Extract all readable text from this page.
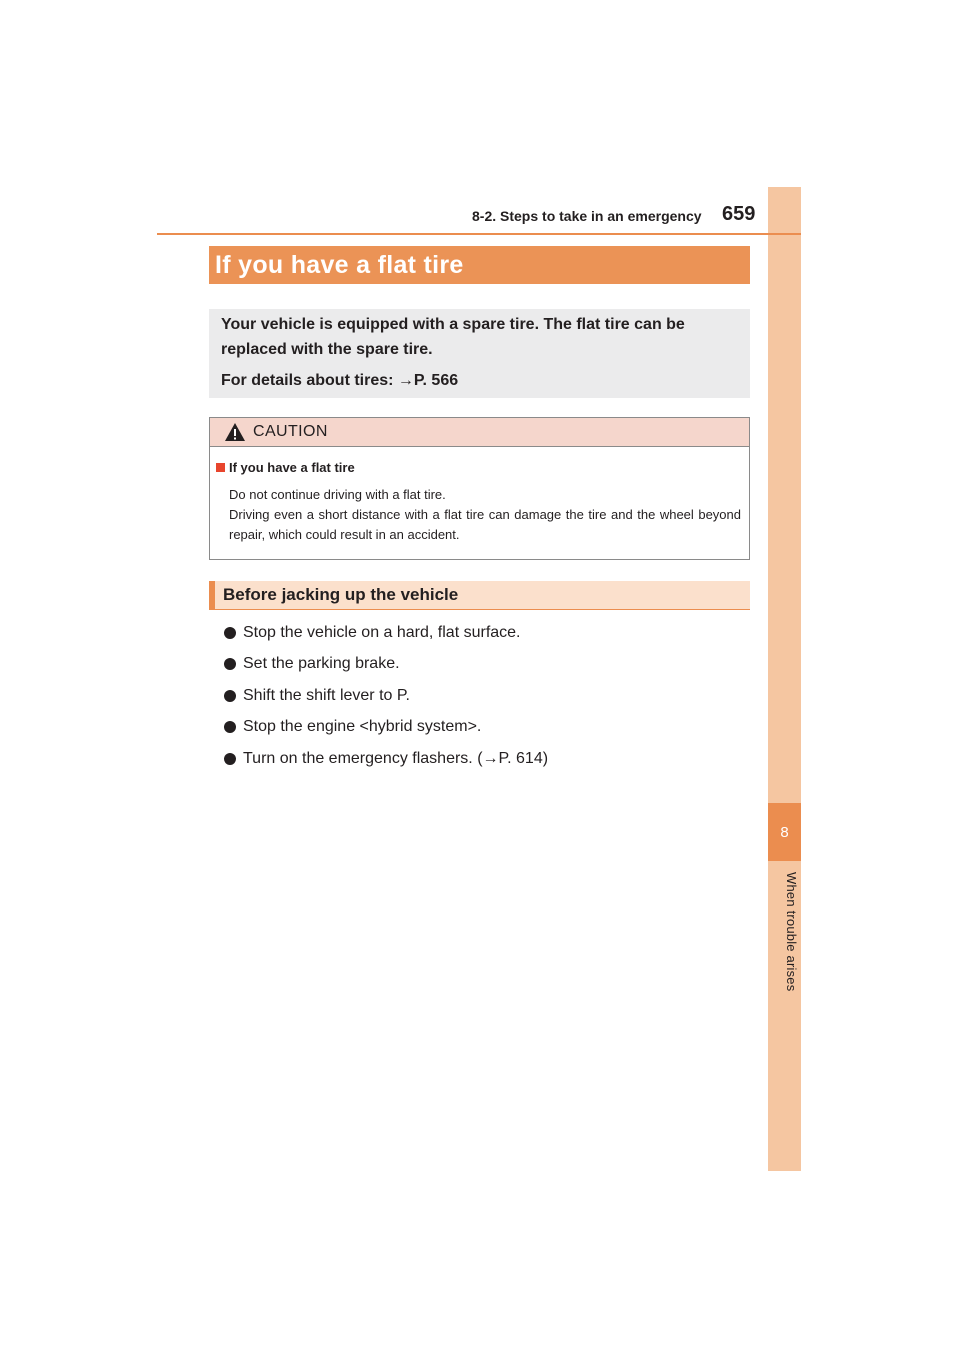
8
When trouble arises
8-2. Steps to take in an emergency 659
If you have a flat tire

Your vehicle is equipped with a spare tire. The flat tire can be replaced with the spare tire.

For details about tires: →P. 566

CAUTION
If you have a flat tire

Do not continue driving with a flat tire.

Driving even a short distance with a flat tire can damage the tire and the wheel beyond repair, which could result in an accident.

Before jacking up the vehicle
Stop the vehicle on a hard, flat surface.
Set the parking brake.
Shift the shift lever to P.
Stop the engine <hybrid system>.
Turn on the emergency flashers. (→P. 614)
